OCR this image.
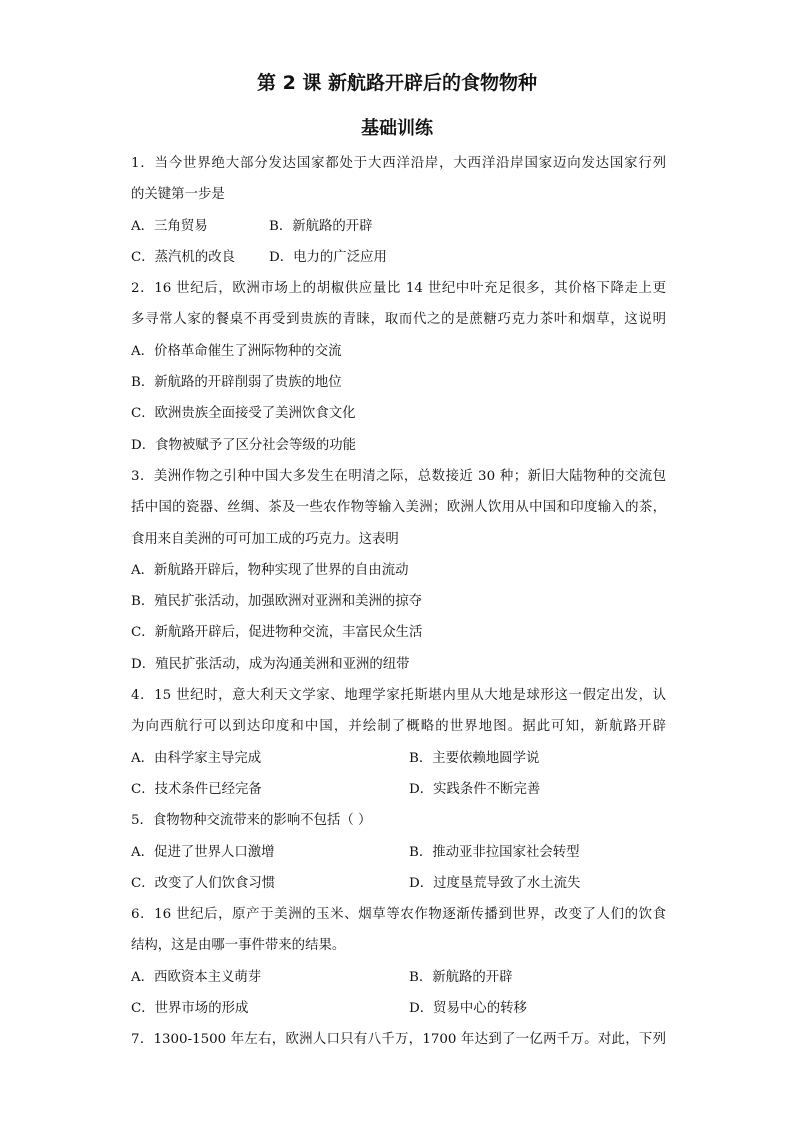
第 2 课 新航路开辟后的食物物种
基础训练
1．当今世界绝大部分发达国家都处于大西洋沿岸，大西洋沿岸国家迈向发达国家行列
的关键第一步是
A．三角贸易	B．新航路的开辟
C．蒸汽机的改良	D．电力的广泛应用
2．16 世纪后，欧洲市场上的胡椒供应量比 14 世纪中叶充足很多，其价格下降走上更
多寻常人家的餐桌不再受到贵族的青睐，取而代之的是蔗糖巧克力茶叶和烟草，这说明
A．价格革命催生了洲际物种的交流
B．新航路的开辟削弱了贵族的地位
C．欧洲贵族全面接受了美洲饮食文化
D．食物被赋予了区分社会等级的功能
3．美洲作物之引种中国大多发生在明清之际，总数接近 30 种；新旧大陆物种的交流包
括中国的瓷器、丝绸、茶及一些农作物等输入美洲；欧洲人饮用从中国和印度输入的茶，
食用来自美洲的可可加工成的巧克力。这表明
A．新航路开辟后，物种实现了世界的自由流动
B．殖民扩张活动，加强欧洲对亚洲和美洲的掠夺
C．新航路开辟后，促进物种交流，丰富民众生活
D．殖民扩张活动，成为沟通美洲和亚洲的纽带
4．15 世纪时，意大利天文学家、地理学家托斯堪内里从大地是球形这一假定出发，认
为向西航行可以到达印度和中国，并绘制了概略的世界地图。据此可知，新航路开辟
A．由科学家主导完成	B．主要依赖地圆学说
C．技术条件已经完备	D．实践条件不断完善
5．食物物种交流带来的影响不包括（ ）
A．促进了世界人口激增	B．推动亚非拉国家社会转型
C．改变了人们饮食习惯	D．过度垦荒导致了水土流失
6．16 世纪后，原产于美洲的玉米、烟草等农作物逐渐传播到世界，改变了人们的饮食
结构，这是由哪一事件带来的结果。
A．西欧资本主义萌芽	B．新航路的开辟
C．世界市场的形成	D．贸易中心的转移
7．1300-1500 年左右，欧洲人口只有八千万，1700 年达到了一亿两千万。对此，下列
